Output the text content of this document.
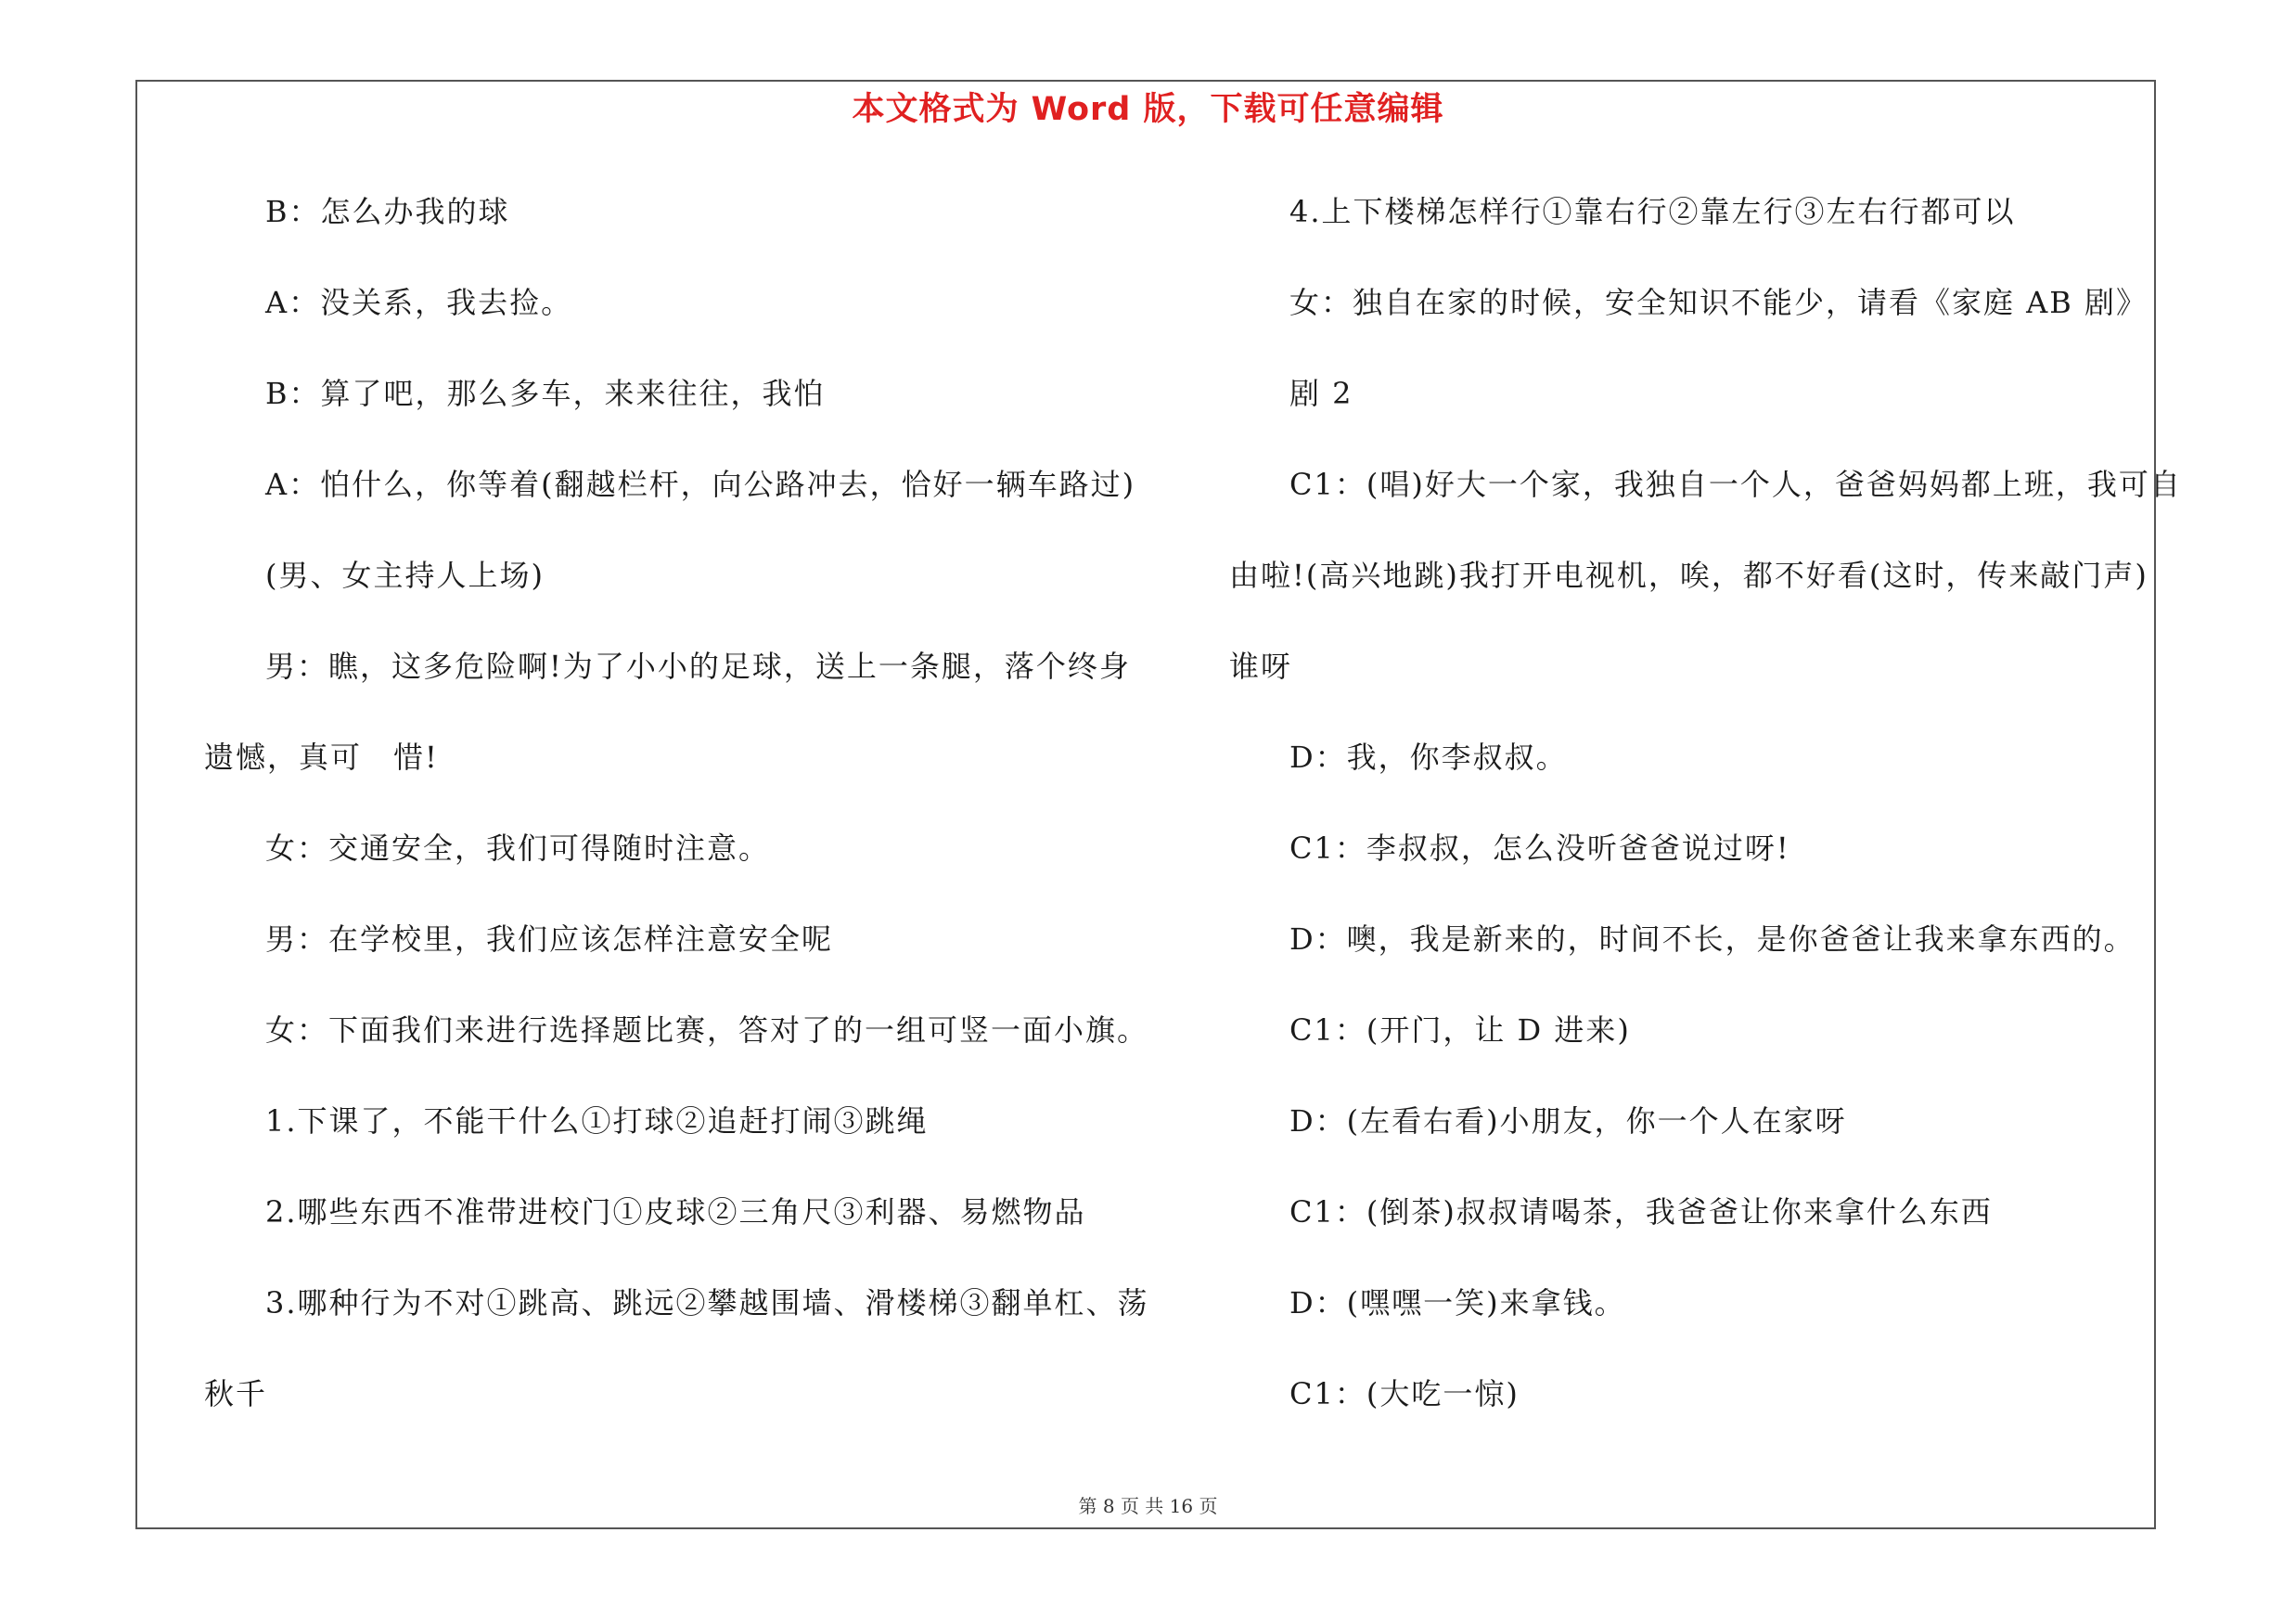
本文格式为 Word 版，下载可任意编辑
B：怎么办我的球
A：没关系，我去捡。
B：算了吧，那么多车，来来往往，我怕
A：怕什么，你等着(翻越栏杆，向公路冲去，恰好一辆车路过)
(男、女主持人上场)
男：瞧，这多危险啊!为了小小的足球，送上一条腿，落个终身
遗憾，真可　惜!
女：交通安全，我们可得随时注意。
男：在学校里，我们应该怎样注意安全呢
女：下面我们来进行选择题比赛，答对了的一组可竖一面小旗。
1.下课了，不能干什么①打球②追赶打闹③跳绳
2.哪些东西不准带进校门①皮球②三角尺③利器、易燃物品
3.哪种行为不对①跳高、跳远②攀越围墙、滑楼梯③翻单杠、荡
秋千
4.上下楼梯怎样行①靠右行②靠左行③左右行都可以
女：独自在家的时候，安全知识不能少，请看《家庭 AB 剧》
剧 2
C1：(唱)好大一个家，我独自一个人，爸爸妈妈都上班，我可自
由啦!(高兴地跳)我打开电视机，唉，都不好看(这时，传来敲门声)
谁呀
D：我，你李叔叔。
C1：李叔叔，怎么没听爸爸说过呀!
D：噢，我是新来的，时间不长，是你爸爸让我来拿东西的。
C1：(开门，让 D 进来)
D：(左看右看)小朋友，你一个人在家呀
C1：(倒茶)叔叔请喝茶，我爸爸让你来拿什么东西
D：(嘿嘿一笑)来拿钱。
C1：(大吃一惊)
第 8 页 共 16 页
